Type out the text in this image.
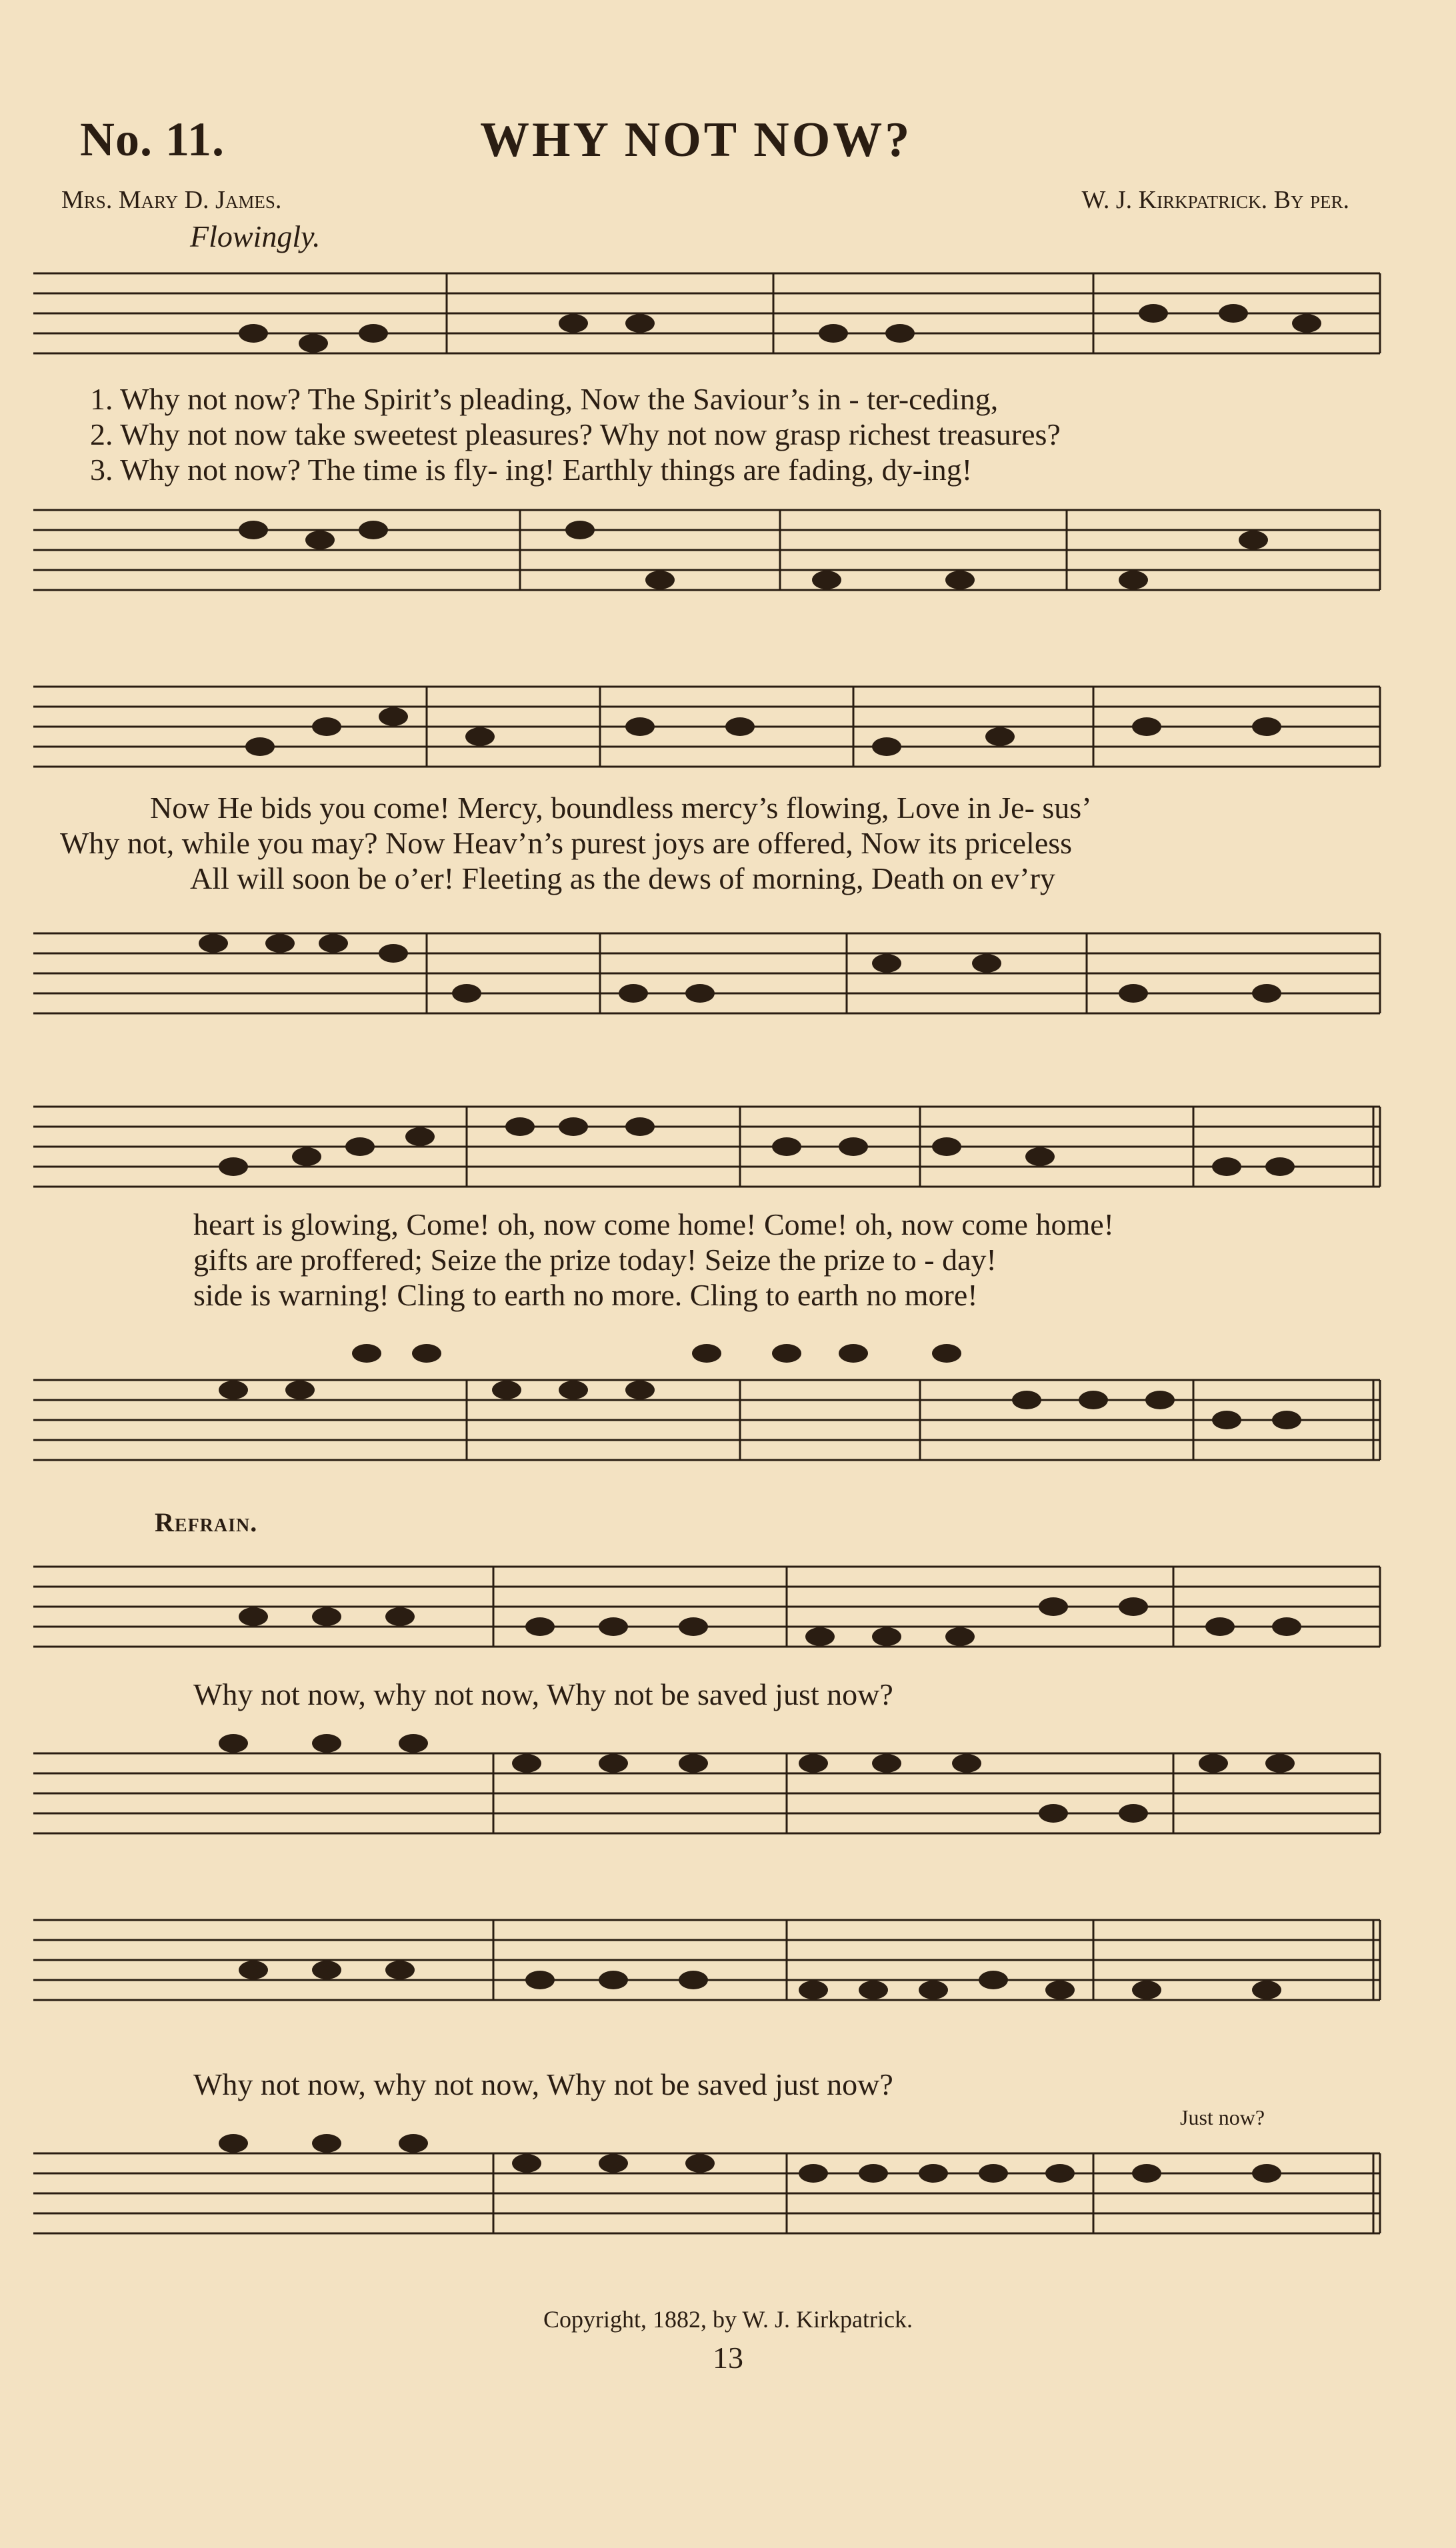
No. 11.	WHY NOT NOW?
Mrs. Mary D. James.	W. J. Kirkpatrick. By per.
Flowingly.
1. Why not now? The Spirit’s pleading, Now the Saviour’s in - ter-ceding,
2. Why not now take sweetest pleasures? Why not now grasp richest treasures?
3. Why not now? The time is fly- ing! Earthly things are fading, dy-ing!
Now He bids you come! Mercy, boundless mercy’s flowing, Love in Je- sus’
Why not, while you may? Now Heav’n’s purest joys are offered, Now its priceless
All will soon be o’er! Fleeting as the dews of morning, Death on ev’ry
heart is glowing, Come! oh, now come home! Come! oh, now come home!
gifts are proffered; Seize the prize today! Seize the prize to - day!
side is warning! Cling to earth no more. Cling to earth no more!
Refrain.
Why not now, why not now, Why not be saved just now?
Why not now, why not now, Why not be saved just now?
Just now?
Copyright, 1882, by W. J. Kirkpatrick.
13
